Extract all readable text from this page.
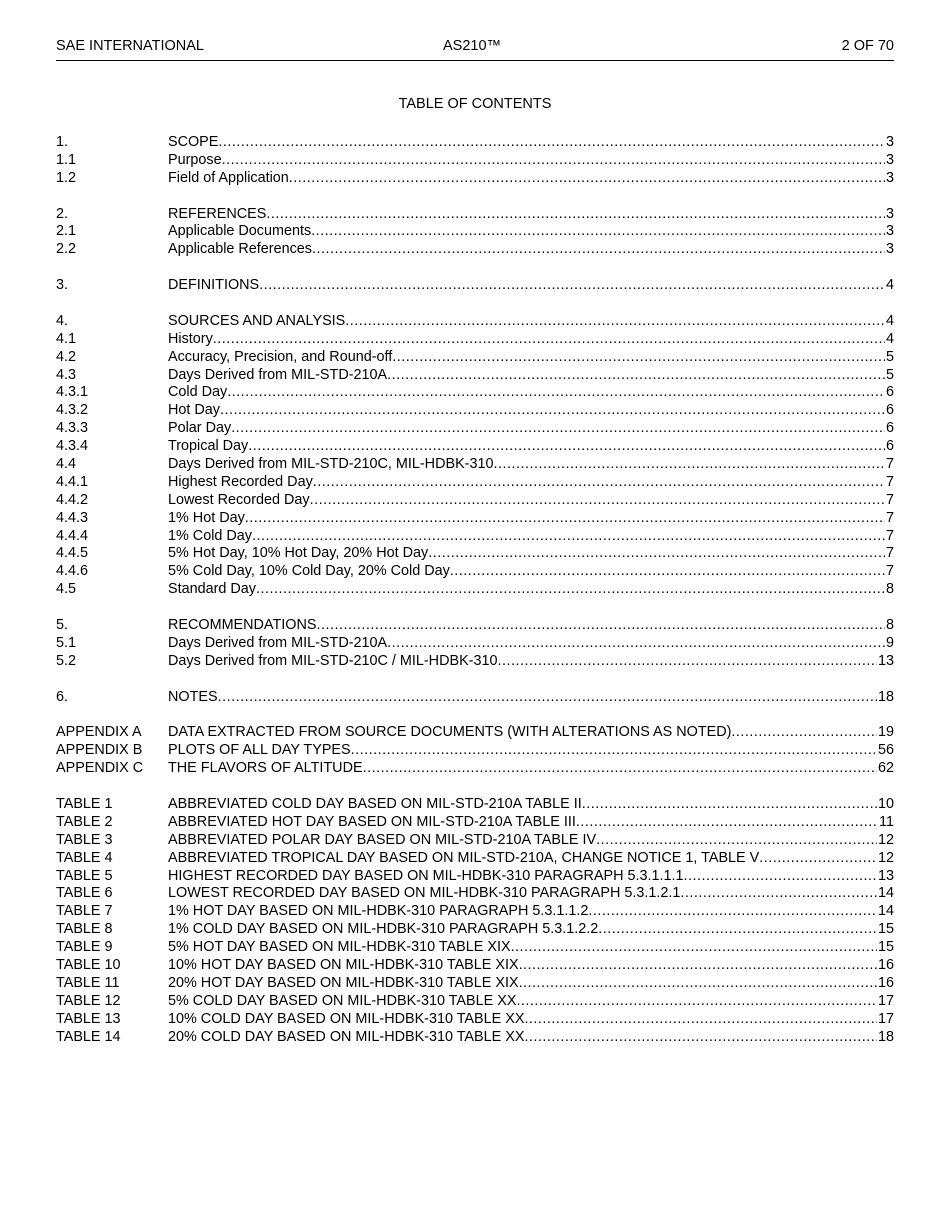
SAE INTERNATIONAL	AS210™	2 OF 70
TABLE OF CONTENTS
1.	SCOPE .....	3
1.1	Purpose .....	3
1.2	Field of Application .....	3
2.	REFERENCES .....	3
2.1	Applicable Documents .....	3
2.2	Applicable References .....	3
3.	DEFINITIONS .....	4
4.	SOURCES AND ANALYSIS .....	4
4.1	History .....	4
4.2	Accuracy, Precision, and Round-off .....	5
4.3	Days Derived from MIL-STD-210A .....	5
4.3.1	Cold Day .....	6
4.3.2	Hot Day .....	6
4.3.3	Polar Day .....	6
4.3.4	Tropical Day .....	6
4.4	Days Derived from MIL-STD-210C, MIL-HDBK-310 .....	7
4.4.1	Highest Recorded Day .....	7
4.4.2	Lowest Recorded Day .....	7
4.4.3	1% Hot Day .....	7
4.4.4	1% Cold Day .....	7
4.4.5	5% Hot Day, 10% Hot Day, 20% Hot Day .....	7
4.4.6	5% Cold Day, 10% Cold Day, 20% Cold Day .....	7
4.5	Standard Day .....	8
5.	RECOMMENDATIONS .....	8
5.1	Days Derived from MIL-STD-210A .....	9
5.2	Days Derived from MIL-STD-210C / MIL-HDBK-310 .....	13
6.	NOTES .....	18
APPENDIX A	DATA EXTRACTED FROM SOURCE DOCUMENTS (WITH ALTERATIONS AS NOTED) .....	19
APPENDIX B	PLOTS OF ALL DAY TYPES .....	56
APPENDIX C	THE FLAVORS OF ALTITUDE .....	62
TABLE 1	ABBREVIATED COLD DAY BASED ON MIL-STD-210A TABLE II .....	10
TABLE 2	ABBREVIATED HOT DAY BASED ON MIL-STD-210A TABLE III .....	11
TABLE 3	ABBREVIATED POLAR DAY BASED ON MIL-STD-210A TABLE IV .....	12
TABLE 4	ABBREVIATED TROPICAL DAY BASED ON MIL-STD-210A, CHANGE NOTICE 1, TABLE V .....	12
TABLE 5	HIGHEST RECORDED DAY BASED ON MIL-HDBK-310 PARAGRAPH 5.3.1.1.1 .....	13
TABLE 6	LOWEST RECORDED DAY BASED ON MIL-HDBK-310 PARAGRAPH 5.3.1.2.1 .....	14
TABLE 7	1% HOT DAY BASED ON MIL-HDBK-310 PARAGRAPH 5.3.1.1.2 .....	14
TABLE 8	1% COLD DAY BASED ON MIL-HDBK-310 PARAGRAPH 5.3.1.2.2 .....	15
TABLE 9	5% HOT DAY BASED ON MIL-HDBK-310 TABLE XIX .....	15
TABLE 10	10% HOT DAY BASED ON MIL-HDBK-310 TABLE XIX .....	16
TABLE 11	20% HOT DAY BASED ON MIL-HDBK-310 TABLE XIX .....	16
TABLE 12	5% COLD DAY BASED ON MIL-HDBK-310 TABLE XX .....	17
TABLE 13	10% COLD DAY BASED ON MIL-HDBK-310 TABLE XX .....	17
TABLE 14	20% COLD DAY BASED ON MIL-HDBK-310 TABLE XX .....	18
